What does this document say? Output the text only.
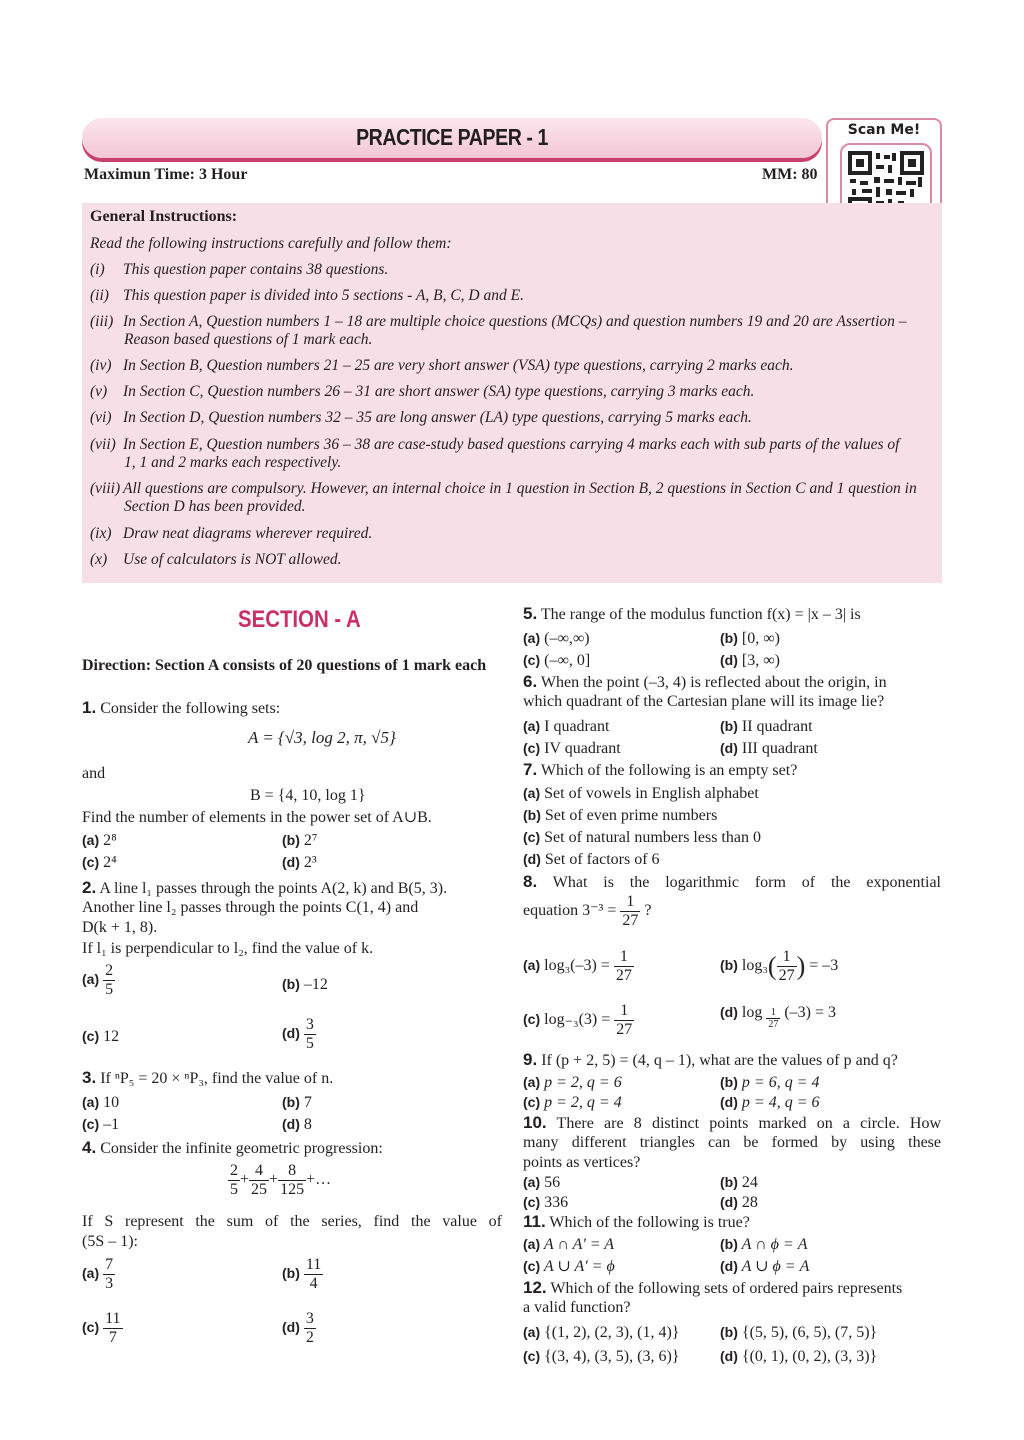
PRACTICE PAPER - 1
Maximun Time: 3 Hour	MM: 80
Scan Me!
General Instructions:
Read the following instructions carefully and follow them:
(i) This question paper contains 38 questions.
(ii) This question paper is divided into 5 sections - A, B, C, D and E.
(iii) In Section A, Question numbers 1 – 18 are multiple choice questions (MCQs) and question numbers 19 and 20 are Assertion –
Reason based questions of 1 mark each.
(iv) In Section B, Question numbers 21 – 25 are very short answer (VSA) type questions, carrying 2 marks each.
(v) In Section C, Question numbers 26 – 31 are short answer (SA) type questions, carrying 3 marks each.
(vi) In Section D, Question numbers 32 – 35 are long answer (LA) type questions, carrying 5 marks each.
(vii) In Section E, Question numbers 36 – 38 are case-study based questions carrying 4 marks each with sub parts of the values of
1, 1 and 2 marks each respectively.
(viii) All questions are compulsory. However, an internal choice in 1 question in Section B, 2 questions in Section C and 1 question in
Section D has been provided.
(ix) Draw neat diagrams wherever required.
(x) Use of calculators is NOT allowed.
SECTION - A
Direction: Section A consists of 20 questions of 1 mark each
1. Consider the following sets:
A = {√3, log 2, π, √5}
and
B = {4, 10, log 1}
Find the number of elements in the power set of A∪B.
(a) 2⁸	(b) 2⁷
(c) 2⁴	(d) 2³
2. A line l₁ passes through the points A(2, k) and B(5, 3).
Another line l₂ passes through the points C(1, 4) and
D(k + 1, 8).
If l₁ is perpendicular to l₂, find the value of k.
$(a) \frac{2}{5}$	(b) –12
(c) 12	$(d) \frac{3}{5}$
3. If ⁿP₅ = 20 × ⁿP₃, find the value of n.
(a) 10	(b) 7
(c) –1	(d) 8
4. Consider the infinite geometric progression:
$\frac{2}{5} + \frac{4}{25} + \frac{8}{125}$ +…
If S represent the sum of the series, find the value of
(5S – 1):
$(a) \frac{7}{3}$	$(b) \frac{11}{4}$
$(c) \frac{11}{7}$	$(d) \frac{3}{2}$
5. The range of the modulus function f(x) = |x – 3| is
(a) (–∞,∞)	(b) [0, ∞)
(c) (–∞, 0]	(d) [3, ∞)
6. When the point (–3, 4) is reflected about the origin, in
which quadrant of the Cartesian plane will its image lie?
(a) I quadrant	(b) II quadrant
(c) IV quadrant	(d) III quadrant
7. Which of the following is an empty set?
(a) Set of vowels in English alphabet
(b) Set of even prime numbers
(c) Set of natural numbers less than 0
(d) Set of factors of 6
8. What is the logarithmic form of the exponential
equation $3^{-3} = \frac{1}{27}$ ?
(a) $\log_3(-3) = \frac{1}{27}$	(b) $\log_3( \frac{1}{27}$ ) = –3
(c) $\log_{-3}(3) = \frac{1}{27}$	(d) $\log \frac{1}{27} (-3) = 3$
9. If (p + 2, 5) = (4, q – 1), what are the values of p and q?
(a) p = 2, q = 6	(b) p = 6, q = 4
(c) p = 2, q = 4	(d) p = 4, q = 6
10. There are 8 distinct points marked on a circle. How
many different triangles can be formed by using these
points as vertices?
(a) 56	(b) 24
(c) 336	(d) 28
11. Which of the following is true?
(a) A ∩ A' = A	(b) A ∩ ϕ = A
(c) A ∪ A' = ϕ	(d) A ∪ ϕ = A
12. Which of the following sets of ordered pairs represents
a valid function?
(a) {(1, 2), (2, 3), (1, 4)}	(b) {(5, 5), (6, 5), (7, 5)}
(c) {(3, 4), (3, 5), (3, 6)}	(d) {(0, 1), (0, 2), (3, 3)}
